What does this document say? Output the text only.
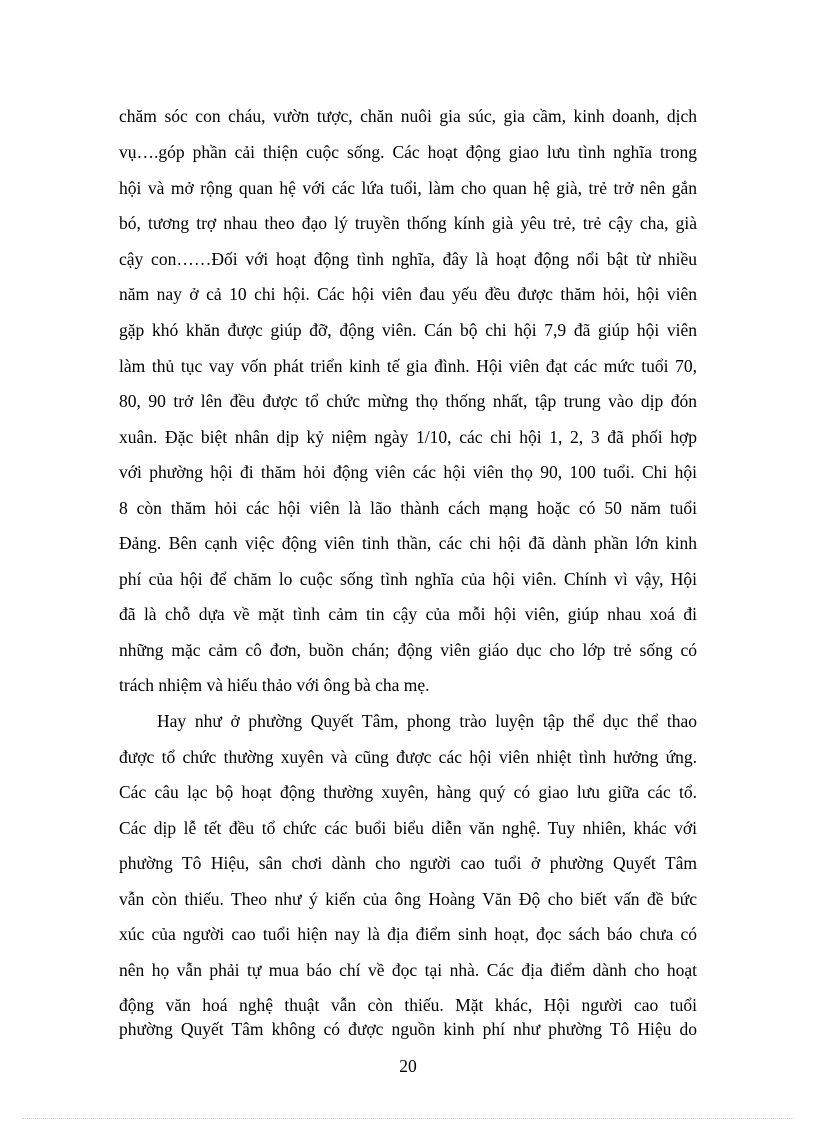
chăm sóc con cháu, vườn tược, chăn nuôi gia súc, gia cầm, kinh doanh, dịch
vụ….góp phần cải thiện cuộc sống. Các hoạt động giao lưu tình nghĩa trong
hội và mở rộng quan hệ với các lứa tuổi, làm cho quan hệ già, trẻ trở nên gắn
bó, tương trợ nhau theo đạo lý truyền thống kính già yêu trẻ, trẻ cậy cha, già
cậy con……Đối với hoạt động tình nghĩa, đây là hoạt động nổi bật từ nhiều
năm nay ở cả 10 chi hội. Các hội viên đau yếu đều được thăm hỏi, hội viên
gặp khó khăn được giúp đỡ, động viên. Cán bộ chi hội 7,9 đã giúp hội viên
làm thủ tục vay vốn phát triển kinh tế gia đình. Hội viên đạt các mức tuổi 70,
80, 90 trở lên đều được tổ chức mừng thọ thống nhất, tập trung vào dịp đón
xuân. Đặc biệt nhân dịp kỷ niệm ngày 1/10, các chi hội 1, 2, 3 đã phối hợp
với phường hội đi thăm hỏi động viên các hội viên thọ 90, 100 tuổi. Chi hội
8 còn thăm hỏi các hội viên là lão thành cách mạng hoặc có 50 năm tuổi
Đảng. Bên cạnh việc động viên tinh thần, các chi hội đã dành phần lớn kinh
phí của hội để chăm lo cuộc sống tình nghĩa của hội viên. Chính vì vậy, Hội
đã là chỗ dựa về mặt tình cảm tin cậy của mỗi hội viên, giúp nhau xoá đi
những mặc cảm cô đơn, buồn chán; động viên giáo dục cho lớp trẻ sống có
trách nhiệm và hiếu thảo với ông bà cha mẹ.
Hay như ở phường Quyết Tâm, phong trào luyện tập thể dục thể thao
được tổ chức thường xuyên và cũng được các hội viên nhiệt tình hưởng ứng.
Các câu lạc bộ hoạt động thường xuyên, hàng quý có giao lưu giữa các tổ.
Các dịp lễ tết đều tổ chức các buổi biểu diễn văn nghệ. Tuy nhiên, khác với
phường Tô Hiệu, sân chơi dành cho người cao tuổi ở phường Quyết Tâm
vẫn còn thiếu. Theo như ý kiến của ông Hoàng Văn Độ cho biết vấn đề bức
xúc của người cao tuổi hiện nay là địa điểm sinh hoạt, đọc sách báo chưa có
nên họ vẫn phải tự mua báo chí về đọc tại nhà. Các địa điểm dành cho hoạt
động văn hoá nghệ thuật vẫn còn thiếu. Mặt khác, Hội người cao tuổi
phường Quyết Tâm không có được nguồn kinh phí như phường Tô Hiệu do
20
